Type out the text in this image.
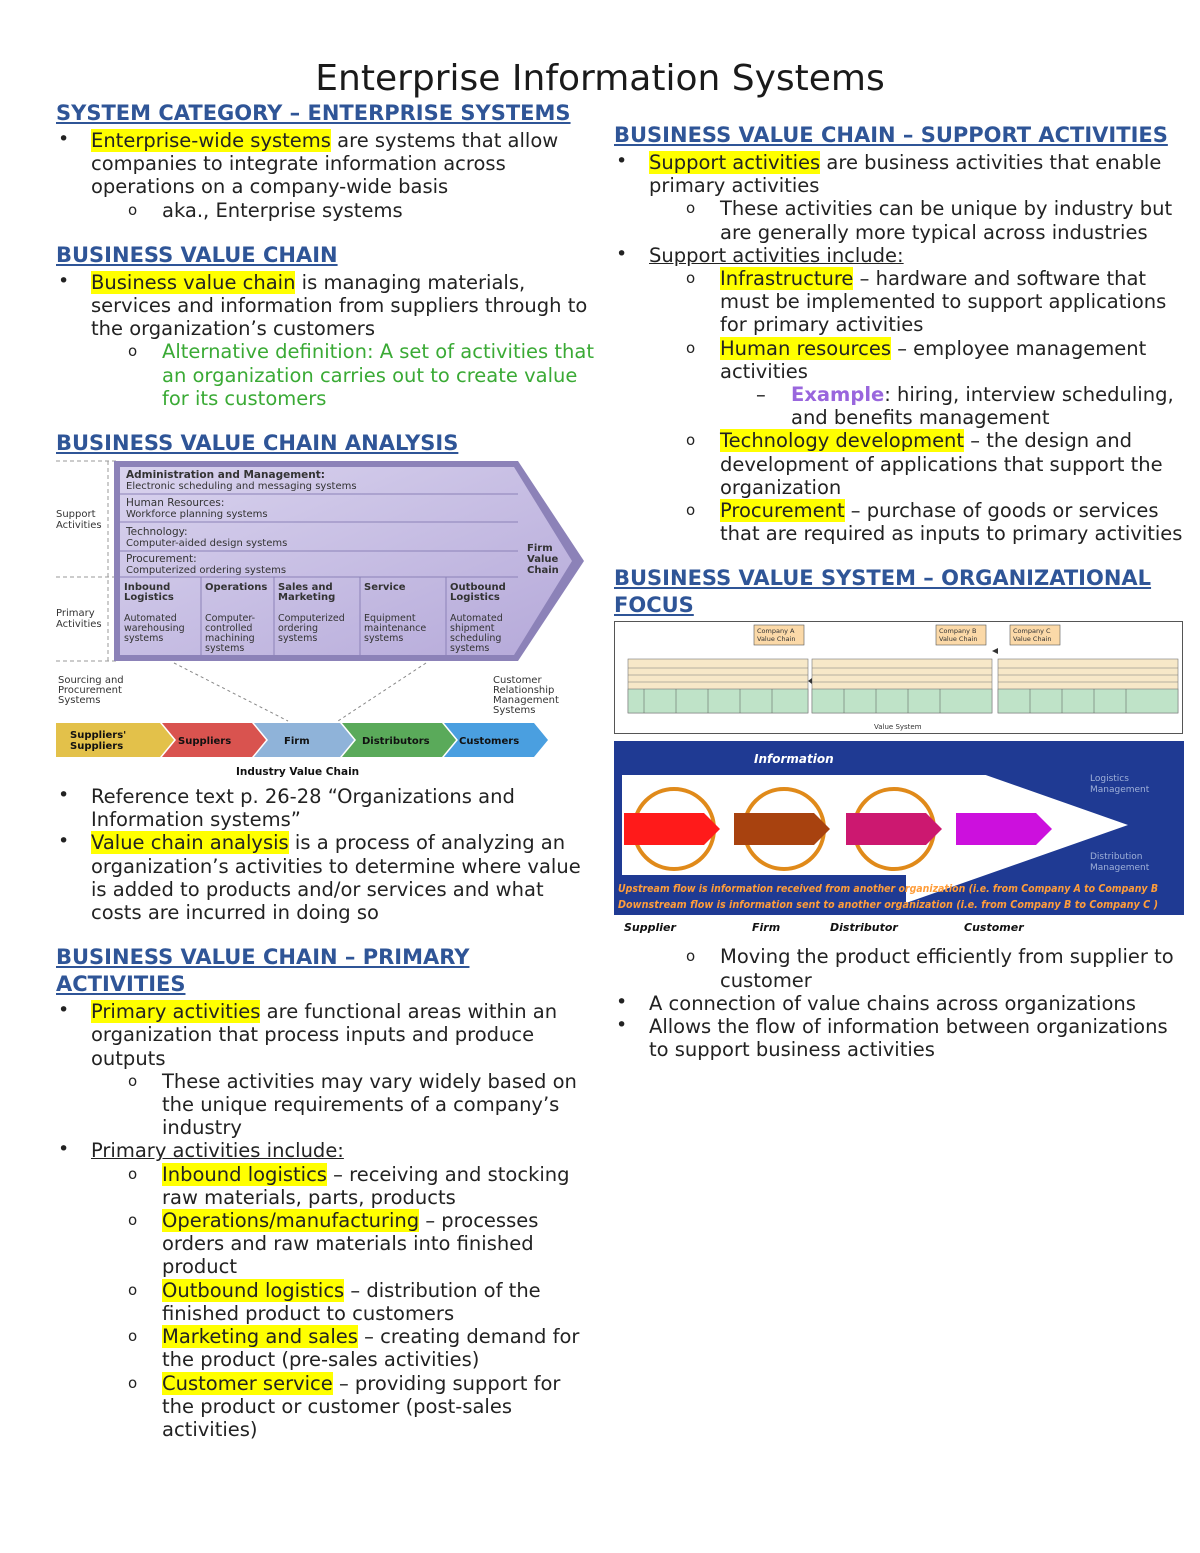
Enterprise Information Systems
SYSTEM CATEGORY – ENTERPRISE SYSTEMS
• Enterprise-wide systems are systems that allow companies to integrate information across operations on a company-wide basis
o aka., Enterprise systems
BUSINESS VALUE CHAIN
• Business value chain is managing materials, services and information from suppliers through to the organization’s customers
o Alternative definition: A set of activities that an organization carries out to create value for its customers
BUSINESS VALUE CHAIN ANALYSIS
Support Activities
Primary Activities
Administration and Management:
Electronic scheduling and messaging systems
Human Resources:
Workforce planning systems
Technology:
Computer-aided design systems
Procurement:
Computerized ordering systems
Firm Value Chain
Inbound Logistics
Automated warehousing systems
Operations
Computer-controlled machining systems
Sales and Marketing
Computerized ordering systems
Service
Equipment maintenance systems
Outbound Logistics
Automated shipment scheduling systems
Sourcing and Procurement Systems
Customer Relationship Management Systems
Suppliers' Suppliers	Suppliers	Firm	Distributors	Customers
Industry Value Chain
• Reference text p. 26-28 “Organizations and Information systems”
• Value chain analysis is a process of analyzing an organization’s activities to determine where value is added to products and/or services and what costs are incurred in doing so
BUSINESS VALUE CHAIN – PRIMARY ACTIVITIES
• Primary activities are functional areas within an organization that process inputs and produce outputs
o These activities may vary widely based on the unique requirements of a company’s industry
• Primary activities include:
o Inbound logistics – receiving and stocking raw materials, parts, products
o Operations/manufacturing – processes orders and raw materials into finished product
o Outbound logistics – distribution of the finished product to customers
o Marketing and sales – creating demand for the product (pre-sales activities)
o Customer service – providing support for the product or customer (post-sales activities)
BUSINESS VALUE CHAIN – SUPPORT ACTIVITIES
• Support activities are business activities that enable primary activities
o These activities can be unique by industry but are generally more typical across industries
• Support activities include:
o Infrastructure – hardware and software that must be implemented to support applications for primary activities
o Human resources – employee management activities
– Example: hiring, interview scheduling, and benefits management
o Technology development – the design and development of applications that support the organization
o Procurement – purchase of goods or services that are required as inputs to primary activities
BUSINESS VALUE SYSTEM – ORGANIZATIONAL FOCUS
Company A Value Chain
Company B Value Chain
Company C Value Chain
Value System
Information
Logistics Management
Distribution Management
Upstream flow is information received from another organization (i.e. from Company A to Company B
Downstream flow is information sent to another organization (i.e. from Company B to Company C )
Supplier	Firm	Distributor	Customer
o Moving the product efficiently from supplier to customer
• A connection of value chains across organizations
• Allows the flow of information between organizations to support business activities
